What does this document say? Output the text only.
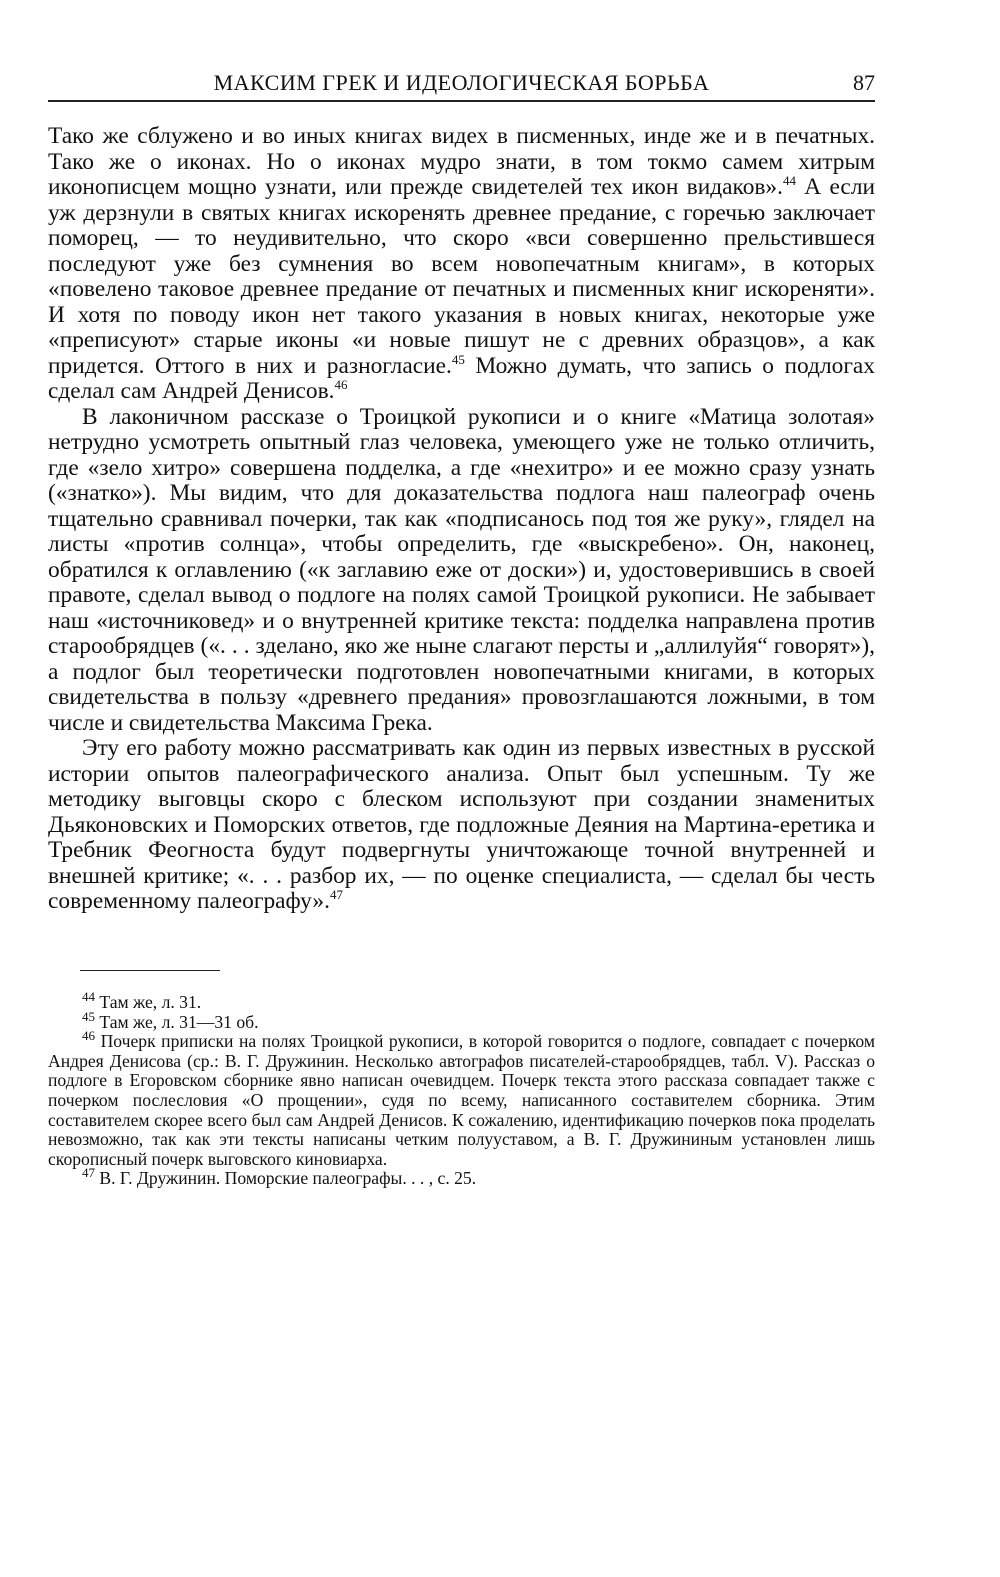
МАКСИМ ГРЕК И ИДЕОЛОГИЧЕСКАЯ БОРЬБА	87

Тако же сблужено и во иных книгах видех в писменных, инде же и в печатных. Тако же о иконах. Но о иконах мудро знати, в том токмо самем хитрым иконописцем мощно узнати, или прежде свидетелей тех икон видаков».$^{44}$ А если уж дерзнули в святых книгах искоренять древнее предание, с горечью заключает поморец, — то неудивительно, что скоро «вси совершенно прельстившеся последуют уже без сумнения во всем новопечатным книгам», в которых «повелено таковое древнее предание от печатных и писменных книг искореняти». И хотя по поводу икон нет такого указания в новых книгах, некоторые уже «преписуют» старые иконы «и новые пишут не с древних образцов», а как придется. Оттого в них и разногласие.$^{45}$ Можно думать, что запись о подлогах сделал сам Андрей Денисов.$^{46}$

В лаконичном рассказе о Троицкой рукописи и о книге «Матица золотая» нетрудно усмотреть опытный глаз человека, умеющего уже не только отличить, где «зело хитро» совершена подделка, а где «нехитро» и ее можно сразу узнать («знатко»). Мы видим, что для доказательства подлога наш палеограф очень тщательно сравнивал почерки, так как «подписанось под тоя же руку», глядел на листы «против солнца», чтобы определить, где «выскребено». Он, наконец, обратился к оглавлению («к заглавию еже от доски») и, удостоверившись в своей правоте, сделал вывод о подлоге на полях самой Троицкой рукописи. Не забывает наш «источниковед» и о внутренней критике текста: подделка направлена против старообрядцев («. . . зделано, яко же ныне слагают персты и „аллилуйя“ говорят»), а подлог был теоретически подготовлен новопечатными книгами, в которых свидетельства в пользу «древнего предания» провозглашаются ложными, в том числе и свидетельства Максима Грека.

Эту его работу можно рассматривать как один из первых известных в русской истории опытов палеографического анализа. Опыт был успешным. Ту же методику выговцы скоро с блеском используют при создании знаменитых Дьяконовских и Поморских ответов, где подложные Деяния на Мартина-еретика и Требник Феогноста будут подвергнуты уничтожающе точной внутренней и внешней критике; «. . . разбор их, — по оценке специалиста, — сделал бы честь современному палеографу».$^{47}$

$^{44}$ Там же, л. 31.

$^{45}$ Там же, л. 31—31 об.

$^{46}$ Почерк приписки на полях Троицкой рукописи, в которой говорится о подлоге, совпадает с почерком Андрея Денисова (ср.: В. Г. Дружинин. Несколько автографов писателей-старообрядцев, табл. V). Рассказ о подлоге в Егоровском сборнике явно написан очевидцем. Почерк текста этого рассказа совпадает также с почерком послесловия «О прощении», судя по всему, написанного составителем сборника. Этим составителем скорее всего был сам Андрей Денисов. К сожалению, идентификацию почерков пока проделать невозможно, так как эти тексты написаны четким полууставом, а В. Г. Дружининым установлен лишь скорописный почерк выговского киновиарха.

$^{47}$ В. Г. Дружинин. Поморские палеографы. . . , с. 25.
